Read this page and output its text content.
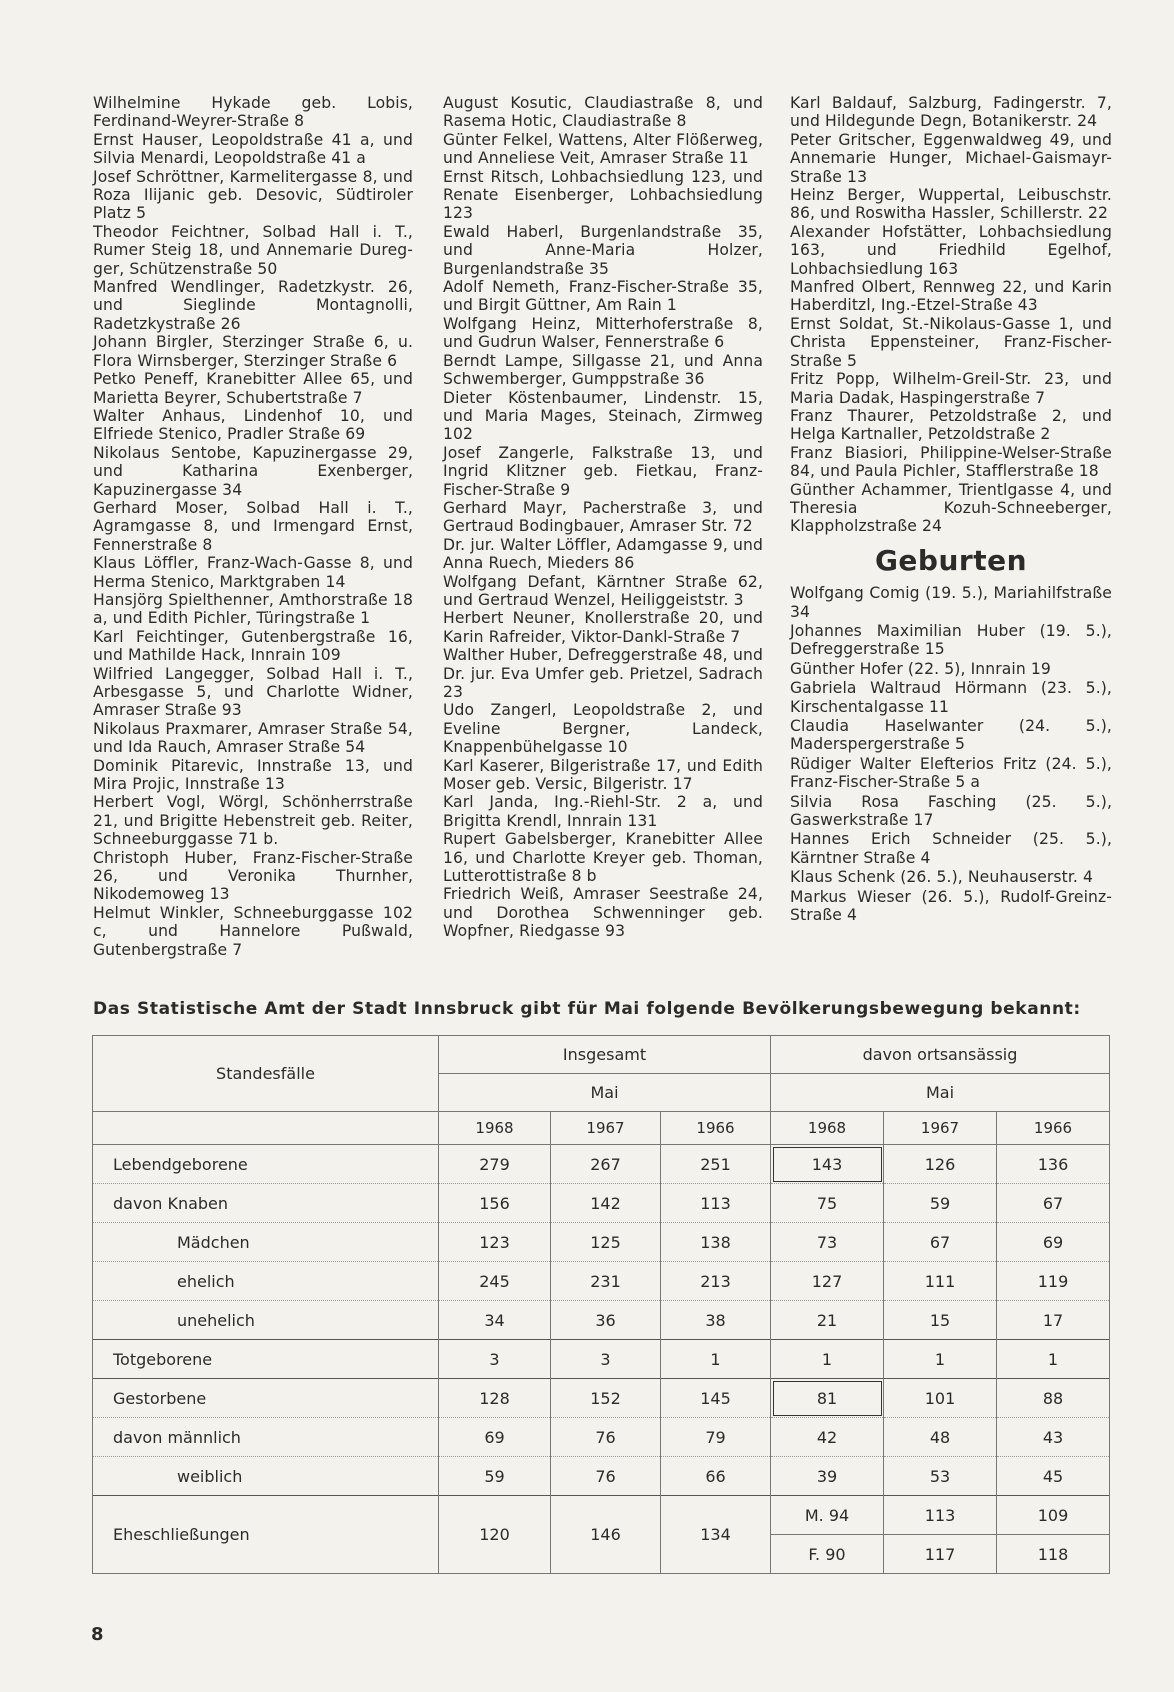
Wilhelmine Hykade geb. Lobis, Ferdinand-Weyrer-Straße 8

Ernst Hauser, Leopoldstraße 41 a, und Silvia Menardi, Leopoldstraße 41 a

Josef Schröttner, Karmelitergasse 8, und Roza Ilijanic geb. Desovic, Südtiroler Platz 5

Theodor Feichtner, Solbad Hall i. T., Rumer Steig 18, und Annemarie Dureg- ger, Schützenstraße 50

Manfred Wendlinger, Radetzkystr. 26, und Sieglinde Montagnolli, Radetzkystraße 26

Johann Birgler, Sterzinger Straße 6, u. Flora Wirnsberger, Sterzinger Straße 6

Petko Peneff, Kranebitter Allee 65, und Marietta Beyrer, Schubertstraße 7

Walter Anhaus, Lindenhof 10, und Elfriede Stenico, Pradler Straße 69

Nikolaus Sentobe, Kapuzinergasse 29, und Katharina Exenberger, Kapuzinergasse 34

Gerhard Moser, Solbad Hall i. T., Agramgasse 8, und Irmengard Ernst, Fennerstraße 8

Klaus Löffler, Franz-Wach-Gasse 8, und Herma Stenico, Marktgraben 14

Hansjörg Spielthenner, Amthorstraße 18 a, und Edith Pichler, Türingstraße 1

Karl Feichtinger, Gutenbergstraße 16, und Mathilde Hack, Innrain 109

Wilfried Langegger, Solbad Hall i. T., Arbesgasse 5, und Charlotte Widner, Amraser Straße 93

Nikolaus Praxmarer, Amraser Straße 54, und Ida Rauch, Amraser Straße 54

Dominik Pitarevic, Innstraße 13, und Mira Projic, Innstraße 13

Herbert Vogl, Wörgl, Schönherrstraße 21, und Brigitte Hebenstreit geb. Reiter, Schneeburggasse 71 b.

Christoph Huber, Franz-Fischer-Straße 26, und Veronika Thurnher, Nikodemoweg 13

Helmut Winkler, Schneeburggasse 102 c, und Hannelore Pußwald, Gutenbergstraße 7

August Kosutic, Claudiastraße 8, und Rasema Hotic, Claudiastraße 8

Günter Felkel, Wattens, Alter Flößerweg, und Anneliese Veit, Amraser Straße 11

Ernst Ritsch, Lohbachsiedlung 123, und Renate Eisenberger, Lohbachsiedlung 123

Ewald Haberl, Burgenlandstraße 35, und Anne-Maria Holzer, Burgenlandstraße 35

Adolf Nemeth, Franz-Fischer-Straße 35, und Birgit Güttner, Am Rain 1

Wolfgang Heinz, Mitterhoferstraße 8, und Gudrun Walser, Fennerstraße 6

Berndt Lampe, Sillgasse 21, und Anna Schwemberger, Gumppstraße 36

Dieter Köstenbaumer, Lindenstr. 15, und Maria Mages, Steinach, Zirmweg 102

Josef Zangerle, Falkstraße 13, und Ingrid Klitzner geb. Fietkau, Franz-Fischer-Straße 9

Gerhard Mayr, Pacherstraße 3, und Gertraud Bodingbauer, Amraser Str. 72

Dr. jur. Walter Löffler, Adamgasse 9, und Anna Ruech, Mieders 86

Wolfgang Defant, Kärntner Straße 62, und Gertraud Wenzel, Heiliggeiststr. 3

Herbert Neuner, Knollerstraße 20, und Karin Rafreider, Viktor-Dankl-Straße 7

Walther Huber, Defreggerstraße 48, und Dr. jur. Eva Umfer geb. Prietzel, Sadrach 23

Udo Zangerl, Leopoldstraße 2, und Eveline Bergner, Landeck, Knappenbühelgasse 10

Karl Kaserer, Bilgeristraße 17, und Edith Moser geb. Versic, Bilgeristr. 17

Karl Janda, Ing.-Riehl-Str. 2 a, und Brigitta Krendl, Innrain 131

Rupert Gabelsberger, Kranebitter Allee 16, und Charlotte Kreyer geb. Thoman, Lutterottistraße 8 b

Friedrich Weiß, Amraser Seestraße 24, und Dorothea Schwenninger geb. Wopfner, Riedgasse 93

Karl Baldauf, Salzburg, Fadingerstr. 7, und Hildegunde Degn, Botanikerstr. 24

Peter Gritscher, Eggenwaldweg 49, und Annemarie Hunger, Michael-Gaismayr-Straße 13

Heinz Berger, Wuppertal, Leibuschstr. 86, und Roswitha Hassler, Schillerstr. 22

Alexander Hofstätter, Lohbachsiedlung 163, und Friedhild Egelhof, Lohbachsiedlung 163

Manfred Olbert, Rennweg 22, und Karin Haberditzl, Ing.-Etzel-Straße 43

Ernst Soldat, St.-Nikolaus-Gasse 1, und Christa Eppensteiner, Franz-Fischer-Straße 5

Fritz Popp, Wilhelm-Greil-Str. 23, und Maria Dadak, Haspingerstraße 7

Franz Thaurer, Petzoldstraße 2, und Helga Kartnaller, Petzoldstraße 2

Franz Biasiori, Philippine-Welser-Straße 84, und Paula Pichler, Stafflerstraße 18

Günther Achammer, Trientlgasse 4, und Theresia Kozuh-Schneeberger, Klappholzstraße 24

Geburten

Wolfgang Comig (19. 5.), Mariahilfstraße 34

Johannes Maximilian Huber (19. 5.), Defreggerstraße 15

Günther Hofer (22. 5), Innrain 19

Gabriela Waltraud Hörmann (23. 5.), Kirschentalgasse 11

Claudia Haselwanter (24. 5.), Maderspergerstraße 5

Rüdiger Walter Elefterios Fritz (24. 5.), Franz-Fischer-Straße 5 a

Silvia Rosa Fasching (25. 5.), Gaswerkstraße 17

Hannes Erich Schneider (25. 5.), Kärntner Straße 4

Klaus Schenk (26. 5.), Neuhauserstr. 4

Markus Wieser (26. 5.), Rudolf-Greinz-Straße 4

Das Statistische Amt der Stadt Innsbruck gibt für Mai folgende Bevölkerungsbewegung bekannt:
Standesfälle	Insgesamt			davon ortsansässig		
	Mai			Mai		
	1968	1967	1966	1968	1967	1966
Lebendgeborene	279	267	251	143	126	136
davon Knaben	156	142	113	75	59	67
Mädchen	123	125	138	73	67	69
ehelich	245	231	213	127	111	119
unehelich	34	36	38	21	15	17
Totgeborene	3	3	1	1	1	1
Gestorbene	128	152	145	81	101	88
davon männlich	69	76	79	42	48	43
weiblich	59	76	66	39	53	45
Eheschließungen	120	146	134	M. 94	113	109
				F. 90	117	118
8
